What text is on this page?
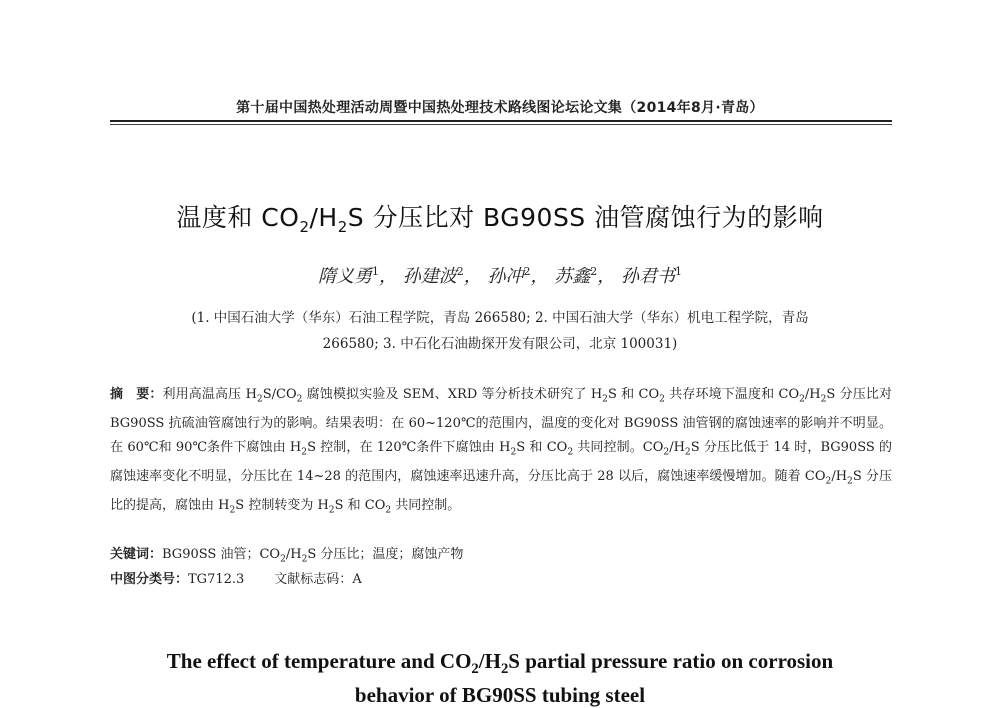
第十届中国热处理活动周暨中国热处理技术路线图论坛论文集（2014年8月·青岛）
温度和 $CO_2/H_2S$ 分压比对 BG90SS 油管腐蚀行为的影响
隋义勇$^1$， 孙建波$^2$， 孙冲$^2$， 苏鑫$^2$， 孙君书$^1$
(1. 中国石油大学（华东）石油工程学院，青岛 266580; 2. 中国石油大学（华东）机电工程学院，青岛
266580; 3. 中石化石油勘探开发有限公司，北京 100031)
摘　要：利用高温高压 $H_2S/CO_2$ 腐蚀模拟实验及 SEM、XRD 等分析技术研究了 $H_2S$ 和 $CO_2$ 共存环境下温度和 $CO_2/H_2S$ 分压比对 BG90SS 抗硫油管腐蚀行为的影响。结果表明：在 60~120℃的范围内，温度的变化对 BG90SS 油管钢的腐蚀速率的影响并不明显。在 60℃和 90℃条件下腐蚀由 $H_2S$ 控制，在 120℃条件下腐蚀由 $H_2S$ 和 $CO_2$ 共同控制。$CO_2/H_2S$ 分压比低于 14 时，BG90SS 的腐蚀速率变化不明显，分压比在 14~28 的范围内，腐蚀速率迅速升高，分压比高于 28 以后，腐蚀速率缓慢增加。随着 $CO_2/H_2S$ 分压比的提高，腐蚀由 $H_2S$ 控制转变为 $H_2S$ 和 $CO_2$ 共同控制。
关键词：BG90SS 油管；$CO_2/H_2S$ 分压比；温度；腐蚀产物
中图分类号：TG712.3 文献标志码：A
The effect of temperature and $CO_2/H_2S$ partial pressure ratio on corrosion
behavior of BG90SS tubing steel
